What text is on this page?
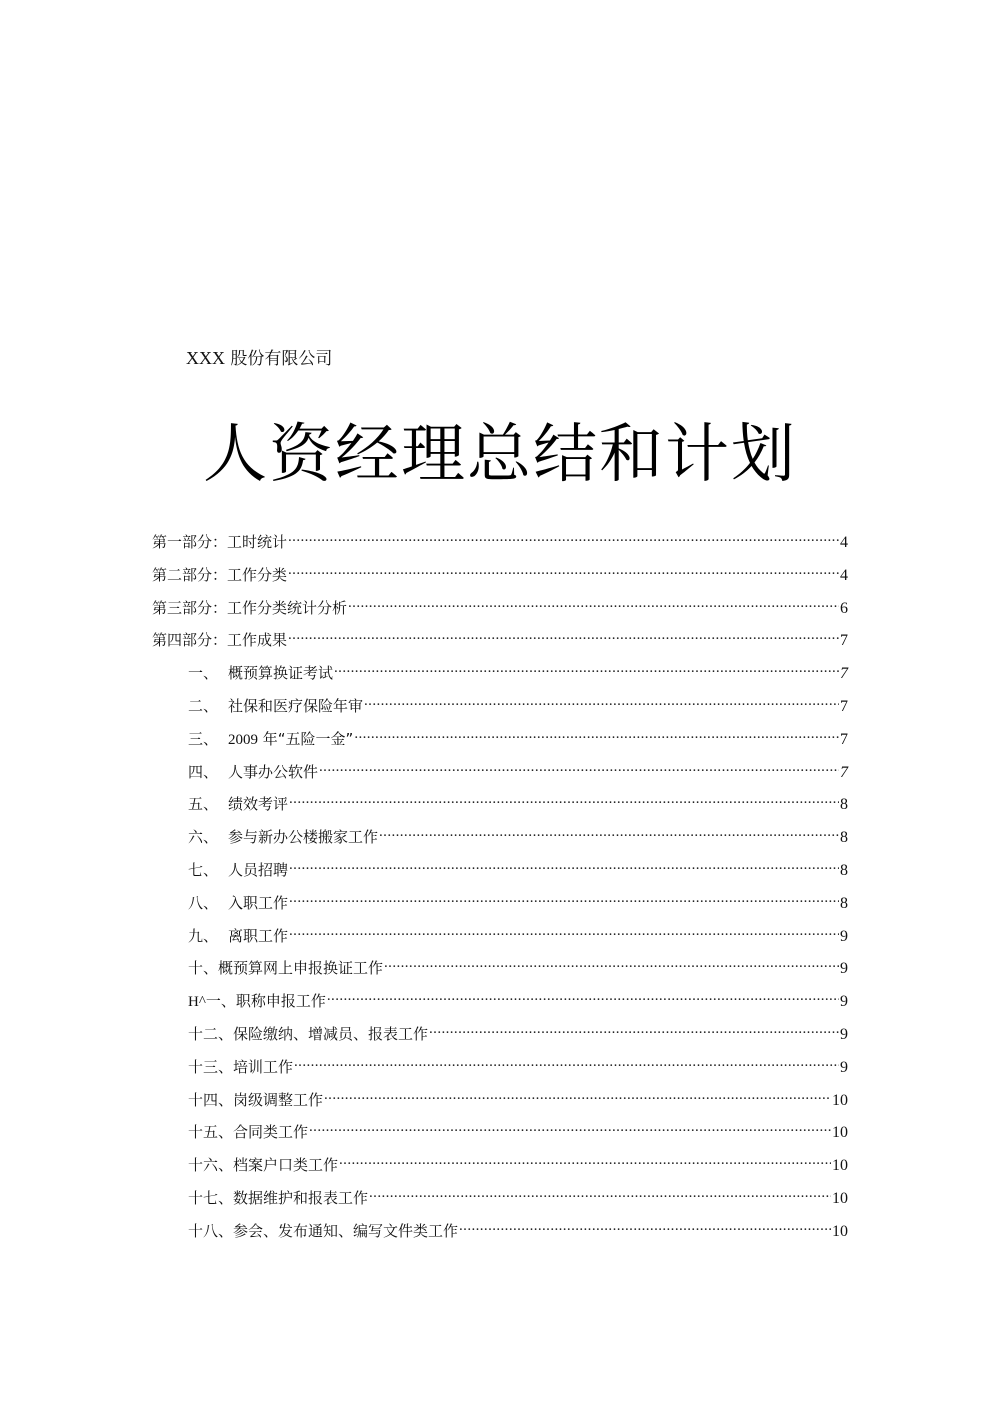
XXX 股份有限公司
人资经理总结和计划
第一部分：工时统计 .....	4
第二部分：工作分类 .....	4
第三部分：工作分类统计分析 .....	6
第四部分：工作成果 .....	7
一、 概预算换证考试 .....	7
二、 社保和医疗保险年审 .....	7
三、 2009 年“五险一金” .....	7
四、 人事办公软件 .....	7
五、 绩效考评 .....	8
六、 参与新办公楼搬家工作 .....	8
七、 人员招聘 .....	8
八、 入职工作 .....	8
九、 离职工作 .....	9
十、 概预算网上申报换证工作 .....	9
H^一、 职称申报工作 .....	9
十二、 保险缴纳、增减员、报表工作 .....	9
十三、 培训工作 .....	9
十四、 岗级调整工作 .....	10
十五、 合同类工作 .....	10
十六、 档案户口类工作 .....	10
十七、 数据维护和报表工作 .....	10
十八、 参会、发布通知、编写文件类工作 .....	10
